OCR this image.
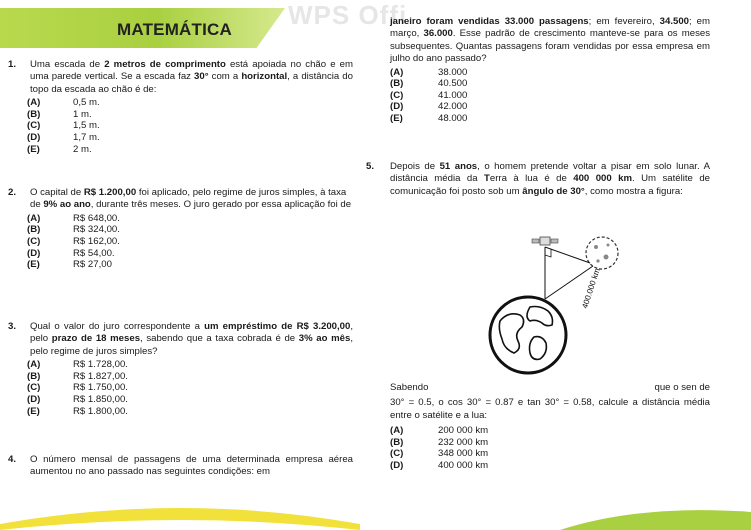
MATEMÁTICA WPS Offi
1. Uma escada de 2 metros de comprimento está apoiada no chão e em uma parede vertical. Se a escada faz 30° com a horizontal, a distância do topo da escada ao chão é de:
(A)	0,5 m.
(B)	1 m.
(C)	1,5 m.
(D)	1,7 m.
(E)	2 m.
2. O capital de R$ 1.200,00 foi aplicado, pelo regime de juros simples, à taxa de 9% ao ano, durante três meses. O juro gerado por essa aplicação foi de
(A)	R$ 648,00.
(B)	R$ 324,00.
(C)	R$ 162,00.
(D)	R$ 54,00.
(E)	R$ 27,00
3. Qual o valor do juro correspondente a um empréstimo de R$ 3.200,00, pelo prazo de 18 meses, sabendo que a taxa cobrada é de 3% ao mês, pelo regime de juros simples?
(A)	R$ 1.728,00.
(B)	R$ 1.827,00.
(C)	R$ 1.750,00.
(D)	R$ 1.850,00.
(E)	R$ 1.800,00.
4. O número mensal de passagens de uma determinada empresa aérea aumentou no ano passado nas seguintes condições: em
janeiro foram vendidas 33.000 passagens; em fevereiro, 34.500; em março, 36.000. Esse padrão de crescimento manteve-se para os meses subsequentes. Quantas passagens foram vendidas por essa empresa em julho do ano passado?
(A)	38.000
(B)	40.500
(C)	41.000
(D)	42.000
(E)	48.000
5. Depois de 51 anos, o homem pretende voltar a pisar em solo lunar. A distância média da Terra à lua é de 400 000 km. Um satélite de comunicação foi posto sob um ângulo de 30°, como mostra a figura:
Sabendo	que o sen de
30° = 0.5, o cos 30° = 0.87 e tan 30° = 0.58, calcule a distância média entre o satélite e a lua:
(A)	200 000 km
(B)	232 000 km
(C)	348 000 km
(D)	400 000 km
400.000 km
